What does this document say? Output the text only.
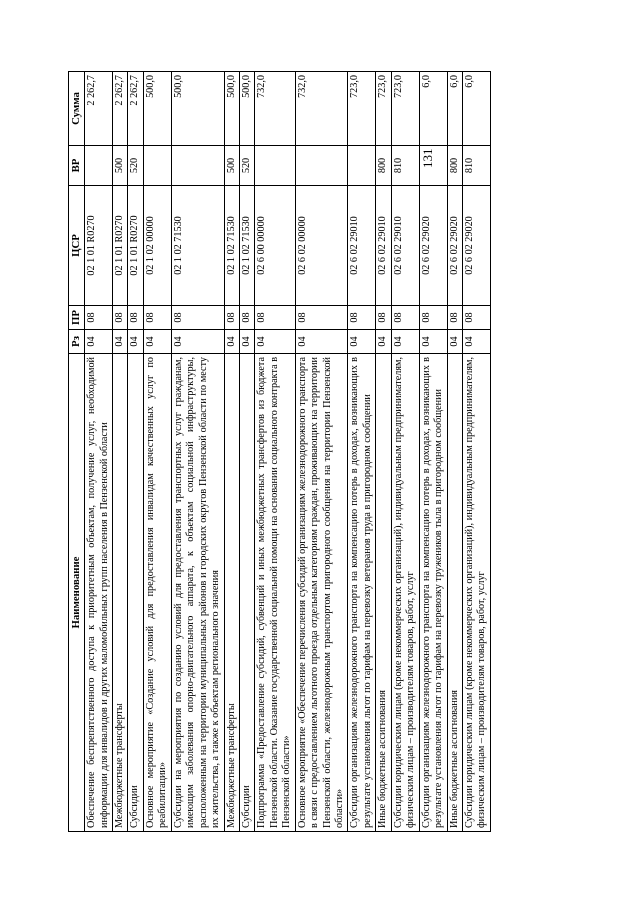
131
Наименование	Рз	ПР	ЦСР	ВР	Сумма
Обеспечение беспрепятственного доступа к приоритетным объектам, получение услуг, необходимой информации для инвалидов и других маломобильных групп населения в Пензенской области	04	08	02 1 01 R0270		2 262,7
Межбюджетные трансферты	04	08	02 1 01 R0270	500	2 262,7
Субсидии	04	08	02 1 01 R0270	520	2 262,7
Основное мероприятие «Создание условий для предоставления инвалидам качественных услуг по реабилитации»	04	08	02 1 02 00000		500,0
Субсидии на мероприятия по созданию условий для предоставления транспортных услуг гражданам, имеющим заболевания опорно-двигательного аппарата, к объектам социальной инфраструктуры, расположенным на территории муниципальных районов и городских округов Пензенской области по месту их жительства, а также к объектам регионального значения	04	08	02 1 02 71530		500,0
Межбюджетные трансферты	04	08	02 1 02 71530	500	500,0
Субсидии	04	08	02 1 02 71530	520	500,0
Подпрограмма «Предоставление субсидий, субвенций и иных межбюджетных трансфертов из бюджета Пензенской области. Оказание государственной социальной помощи на основании социального контракта в Пензенской области»	04	08	02 6 00 00000		732,0
Основное мероприятие «Обеспечение перечисления субсидий организациям железнодорожного транспорта в связи с предоставлением льготного проезда отдельным категориям граждан, проживающих на территории Пензенской области, железнодорожным транспортом пригородного сообщения на территории Пензенской области»	04	08	02 6 02 00000		732,0
Субсидии организациям железнодорожного транспорта на компенсацию потерь в доходах, возникающих в результате установления льгот по тарифам на перевозку ветеранов труда в пригородном сообщении	04	08	02 6 02 29010		723,0
Иные бюджетные ассигнования	04	08	02 6 02 29010	800	723,0
Субсидии юридическим лицам (кроме некоммерческих организаций), индивидуальным предпринимателям, физическим лицам – производителям товаров, работ, услуг	04	08	02 6 02 29010	810	723,0
Субсидии организациям железнодорожного транспорта на компенсацию потерь в доходах, возникающих в результате установления льгот по тарифам на перевозку тружеников тыла в пригородном сообщении	04	08	02 6 02 29020		6,0
Иные бюджетные ассигнования	04	08	02 6 02 29020	800	6,0
Субсидии юридическим лицам (кроме некоммерческих организаций), индивидуальным предпринимателям, физическим лицам – производителям товаров, работ, услуг	04	08	02 6 02 29020	810	6,0
